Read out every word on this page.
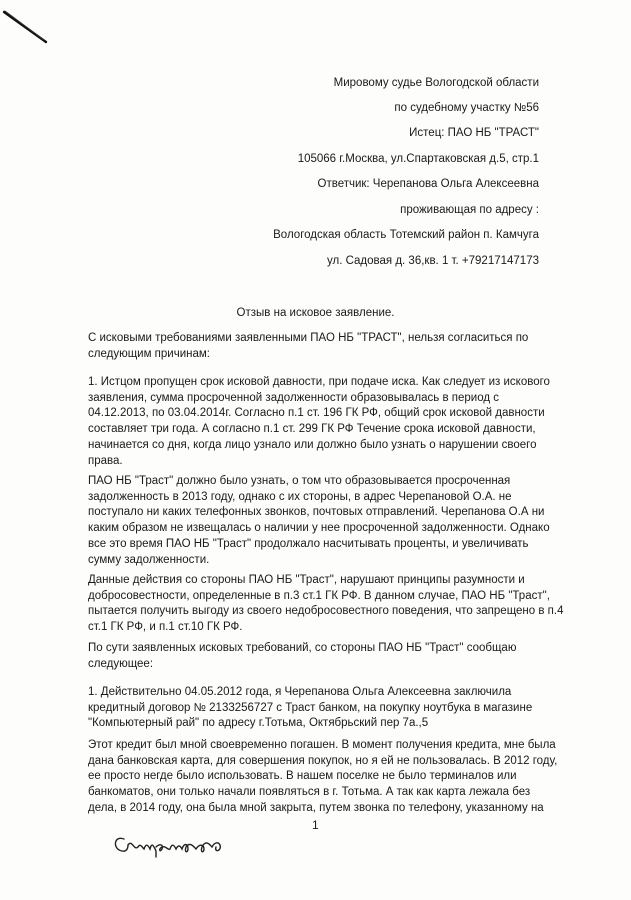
Мировому судье Вологодской области
по судебному участку №56
Истец: ПАО НБ "ТРАСТ"
105066 г.Москва, ул.Спартаковская д.5, стр.1
Ответчик: Черепанова Ольга Алексеевна
проживающая по адресу :
Вологодская область Тотемский район п. Камчуга
ул. Садовая д. 36,кв. 1 т. +79217147173
Отзыв на исковое заявление.

С исковыми требованиями заявленными ПАО НБ "ТРАСТ", нельзя согласиться по

следующим причинам:

1. Истцом пропущен срок исковой давности, при подаче иска. Как следует из искового

заявления, сумма просроченной задолженности образовывалась в период с

04.12.2013, по 03.04.2014г. Согласно п.1 ст. 196 ГК РФ, общий срок исковой давности

составляет три года. А согласно п.1 ст. 299 ГК РФ Течение срока исковой давности,

начинается со дня, когда лицо узнало или должно было узнать о нарушении своего

права.

ПАО НБ "Траст" должно было узнать, о том что образовывается просроченная

задолженность в 2013 году, однако с их стороны, в адрес Черепановой О.А. не

поступало ни каких телефонных звонков, почтовых отправлений. Черепанова О.А ни

каким образом не извещалась о наличии у нее просроченной задолженности. Однако

все это время ПАО НБ "Траст" продолжало насчитывать проценты, и увеличивать

сумму задолженности.

Данные действия со стороны ПАО НБ "Траст", нарушают принципы разумности и

добросовестности, определенные в п.3 ст.1 ГК РФ. В данном случае, ПАО НБ "Траст",

пытается получить выгоду из своего недобросовестного поведения, что запрещено в п.4

ст.1 ГК РФ, и п.1 ст.10 ГК РФ.

По сути заявленных исковых требований, со стороны ПАО НБ "Траст" сообщаю

следующее:

1. Действительно 04.05.2012 года, я Черепанова Ольга Алексеевна заключила

кредитный договор № 2133256727 с Траст банком, на покупку ноутбука в магазине

"Компьютерный рай" по адресу г.Тотьма, Октябрьский пер 7а.,5

Этот кредит был мной своевременно погашен. В момент получения кредита, мне была

дана банковская карта, для совершения покупок, но я ей не пользовалась. В 2012 году,

ее просто негде было использовать. В нашем поселке не было терминалов или

банкоматов, они только начали появляться в г. Тотьма. А так как карта лежала без

дела, в 2014 году, она была мной закрыта, путем звонка по телефону, указанному на

1
